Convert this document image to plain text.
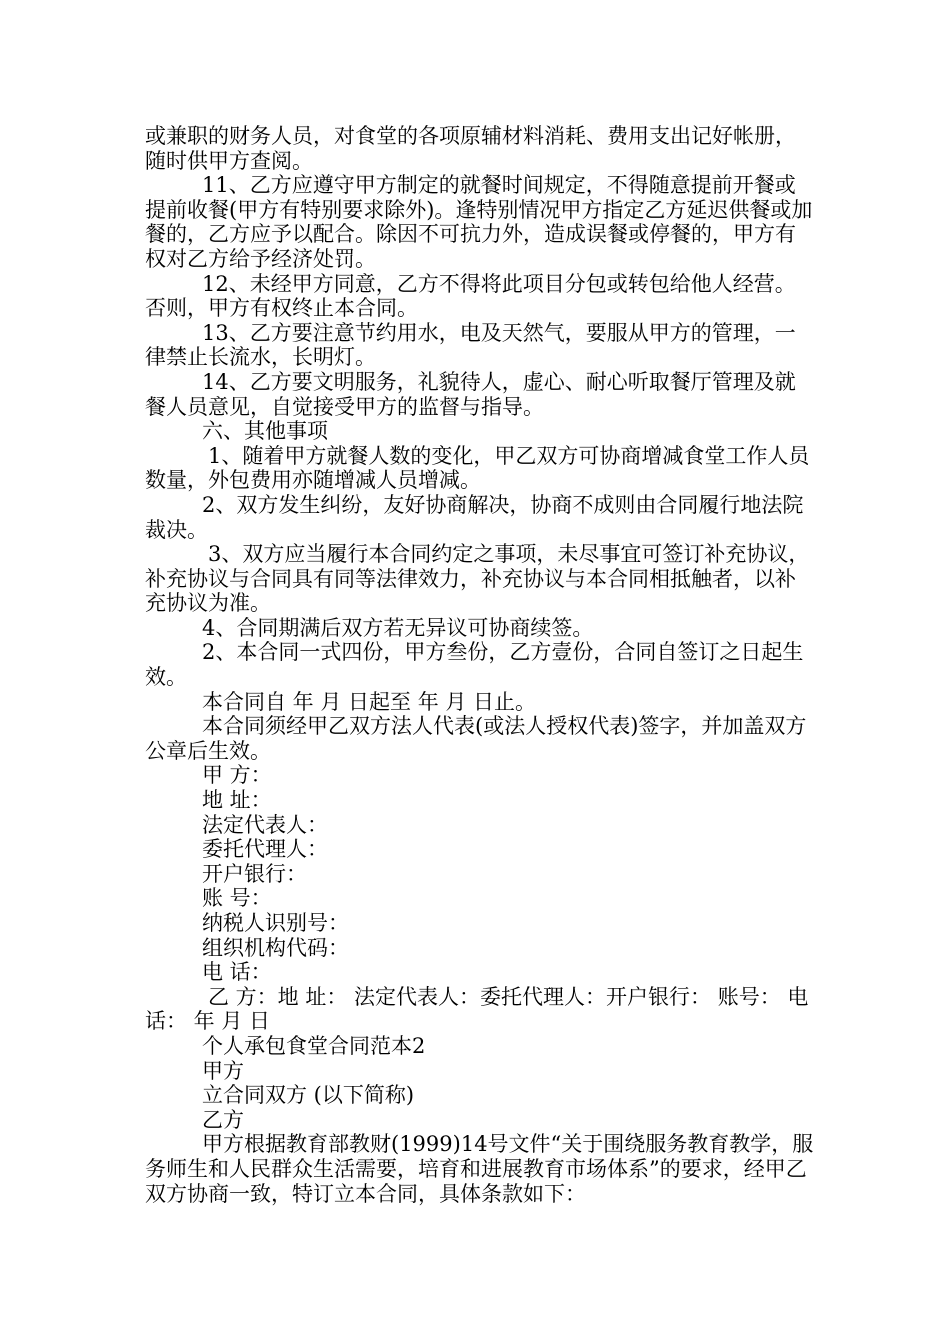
或兼职的财务人员，对食堂的各项原辅材料消耗、费用支出记好帐册，随时供甲方查阅。

11、乙方应遵守甲方制定的就餐时间规定，不得随意提前开餐或提前收餐(甲方有特别要求除外)。逢特别情况甲方指定乙方延迟供餐或加餐的，乙方应予以配合。除因不可抗力外，造成误餐或停餐的，甲方有权对乙方给予经济处罚。

12、未经甲方同意，乙方不得将此项目分包或转包给他人经营。否则，甲方有权终止本合同。

13、乙方要注意节约用水，电及天然气，要服从甲方的管理，一律禁止长流水，长明灯。

14、乙方要文明服务，礼貌待人，虚心、耐心听取餐厅管理及就餐人员意见，自觉接受甲方的监督与指导。

六、其他事项

1、随着甲方就餐人数的变化，甲乙双方可协商增减食堂工作人员数量，外包费用亦随增减人员增减。

2、双方发生纠纷，友好协商解决，协商不成则由合同履行地法院裁决。

3、双方应当履行本合同约定之事项，未尽事宜可签订补充协议，补充协议与合同具有同等法律效力，补充协议与本合同相抵触者，以补充协议为准。

4、合同期满后双方若无异议可协商续签。

2、本合同一式四份，甲方叁份，乙方壹份，合同自签订之日起生效。

本合同自 年 月 日起至 年 月 日止。

本合同须经甲乙双方法人代表(或法人授权代表)签字，并加盖双方公章后生效。

甲 方：

地 址：

法定代表人：

委托代理人：

开户银行：

账 号：

纳税人识别号：

组织机构代码：

电 话：

乙 方：地 址： 法定代表人：委托代理人：开户银行： 账号： 电 话： 年 月 日

个人承包食堂合同范本2

甲方

立合同双方 (以下简称)

乙方

甲方根据教育部教财(1999)14号文件“关于围绕服务教育教学，服务师生和人民群众生活需要，培育和进展教育市场体系”的要求，经甲乙双方协商一致，特订立本合同，具体条款如下：
